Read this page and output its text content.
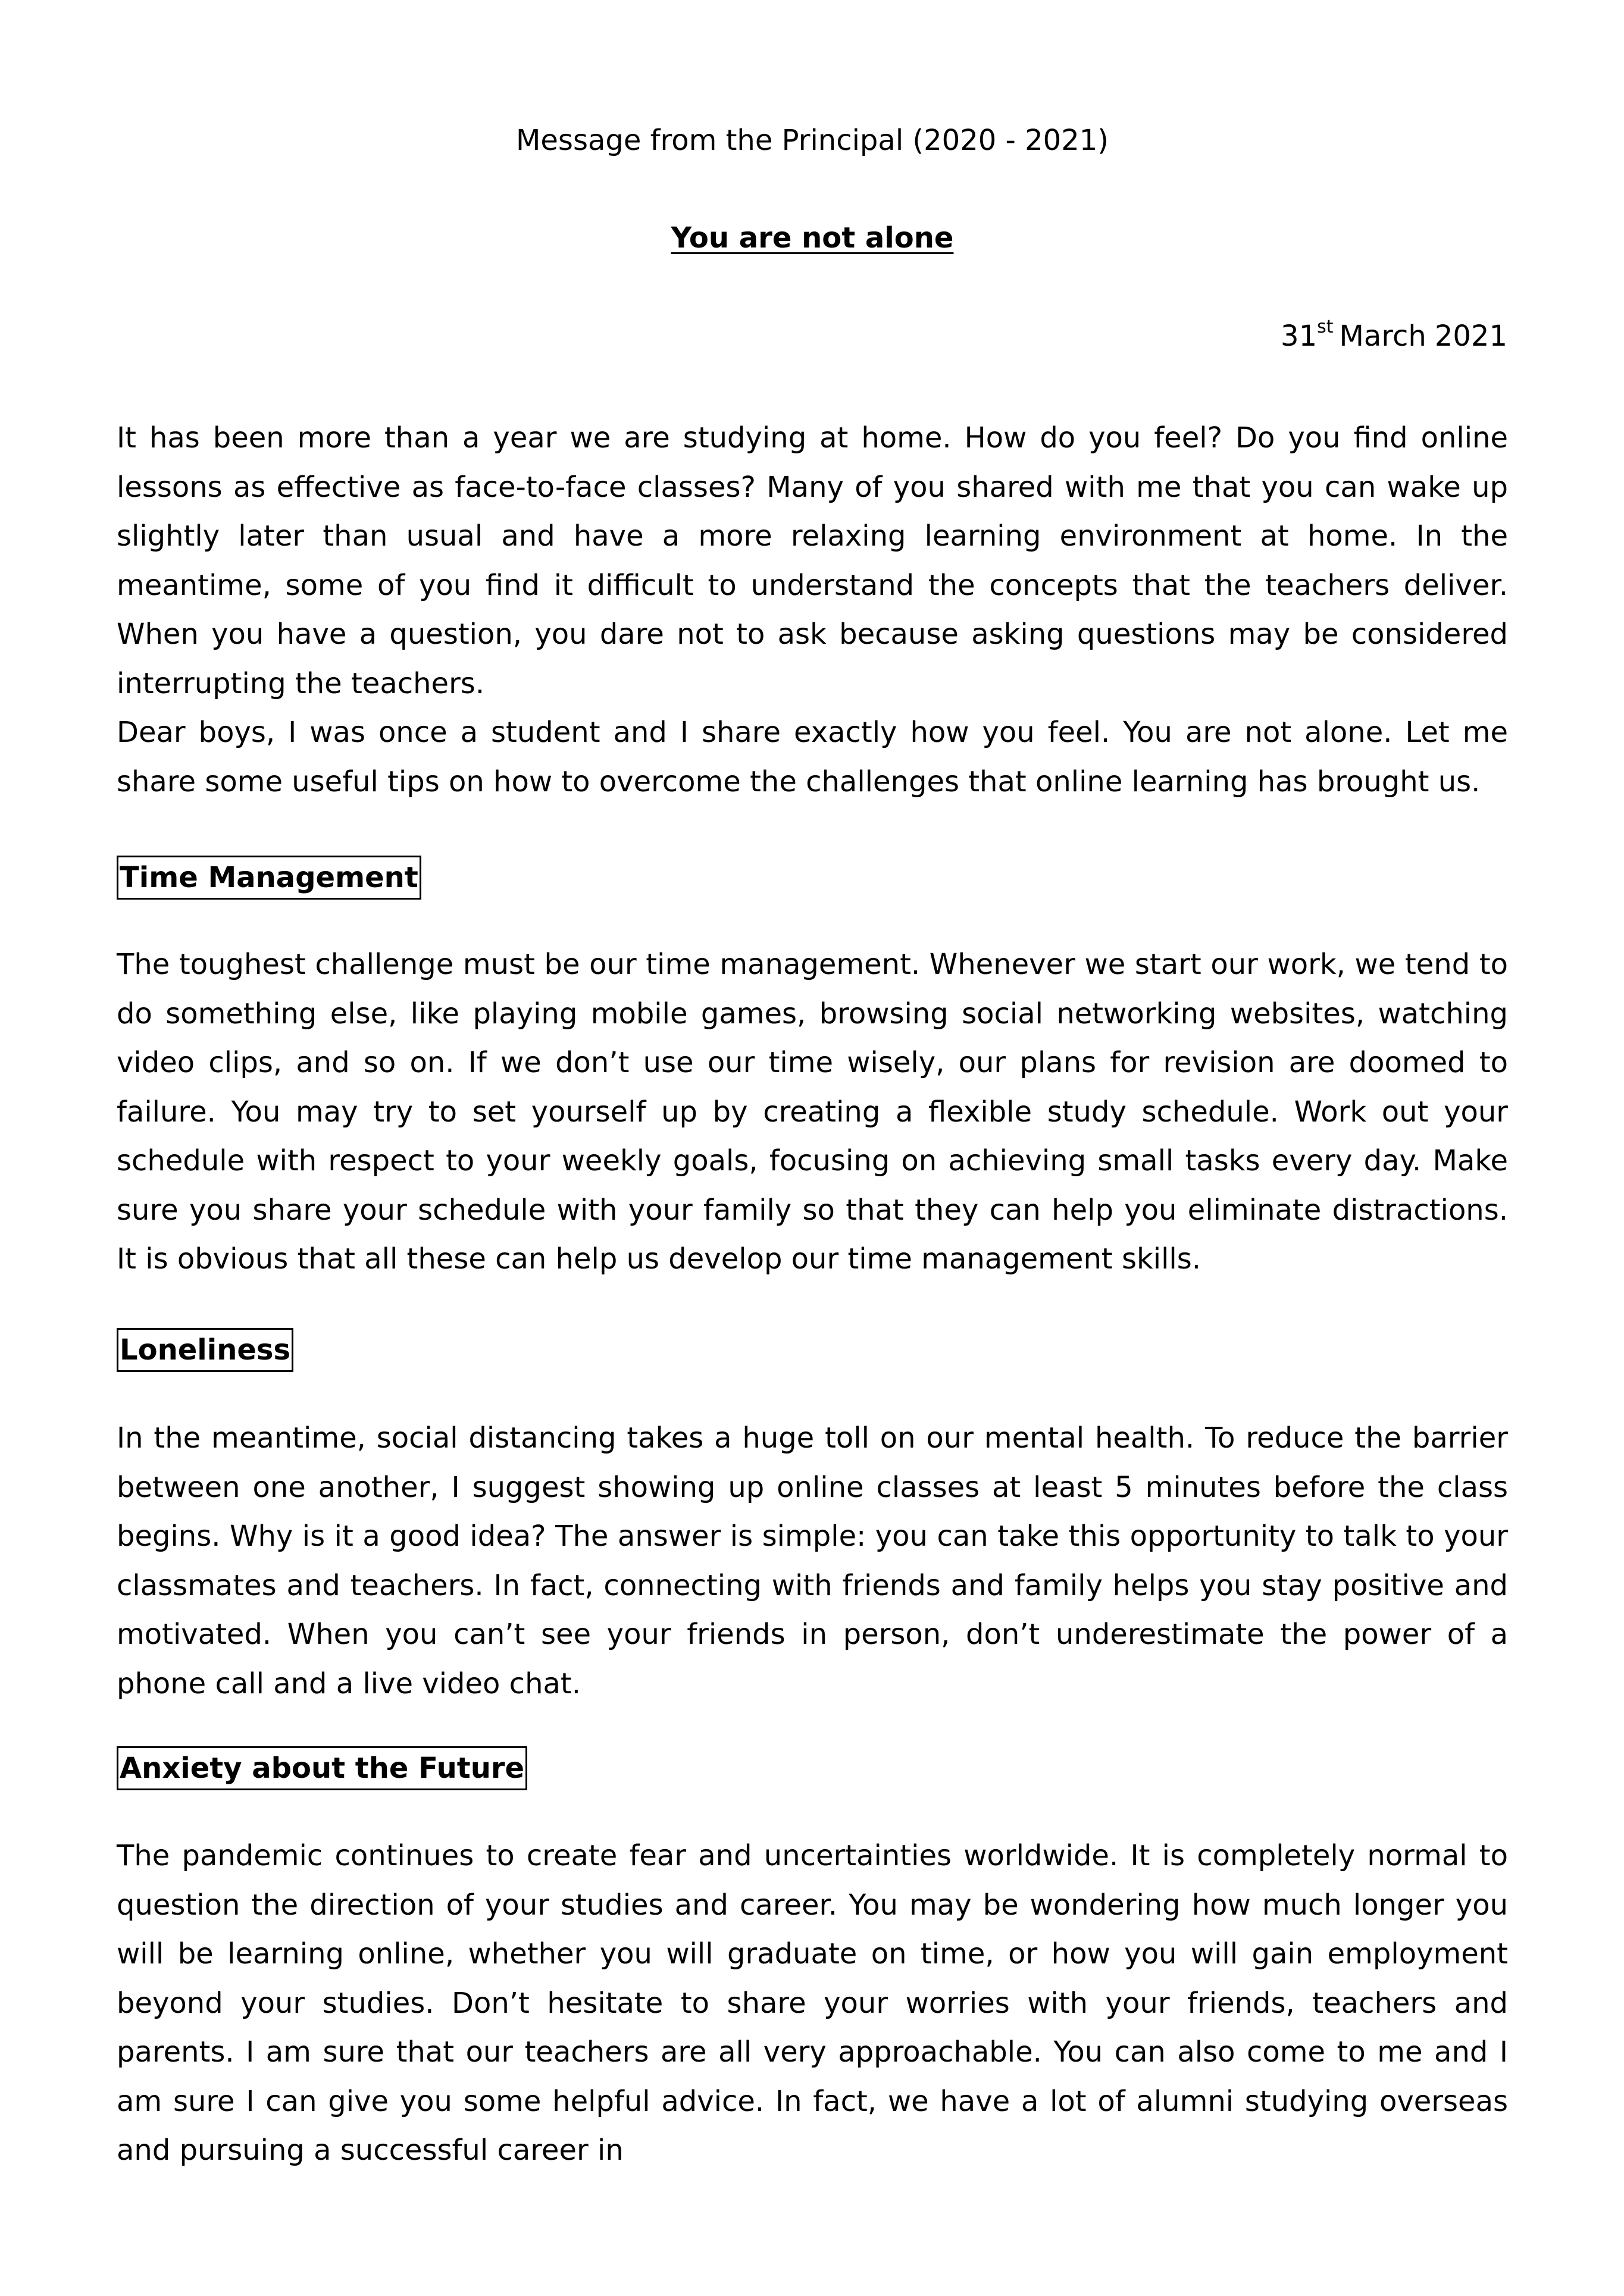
Message from the Principal (2020 - 2021)
You are not alone
31st March 2021

It has been more than a year we are studying at home. How do you feel? Do you find online lessons as effective as face-to-face classes? Many of you shared with me that you can wake up slightly later than usual and have a more relaxing learning environment at home. In the meantime, some of you find it difficult to understand the concepts that the teachers deliver. When you have a question, you dare not to ask because asking questions may be considered interrupting the teachers.

Dear boys, I was once a student and I share exactly how you feel. You are not alone. Let me share some useful tips on how to overcome the challenges that online learning has brought us.

Time Management

The toughest challenge must be our time management. Whenever we start our work, we tend to do something else, like playing mobile games, browsing social networking websites, watching video clips, and so on. If we don’t use our time wisely, our plans for revision are doomed to failure. You may try to set yourself up by creating a flexible study schedule. Work out your schedule with respect to your weekly goals, focusing on achieving small tasks every day. Make sure you share your schedule with your family so that they can help you eliminate distractions. It is obvious that all these can help us develop our time management skills.

Loneliness

In the meantime, social distancing takes a huge toll on our mental health. To reduce the barrier between one another, I suggest showing up online classes at least 5 minutes before the class begins. Why is it a good idea? The answer is simple: you can take this opportunity to talk to your classmates and teachers. In fact, connecting with friends and family helps you stay positive and motivated. When you can’t see your friends in person, don’t underestimate the power of a phone call and a live video chat.

Anxiety about the Future

The pandemic continues to create fear and uncertainties worldwide. It is completely normal to question the direction of your studies and career. You may be wondering how much longer you will be learning online, whether you will graduate on time, or how you will gain employment beyond your studies. Don’t hesitate to share your worries with your friends, teachers and parents. I am sure that our teachers are all very approachable. You can also come to me and I am sure I can give you some helpful advice. In fact, we have a lot of alumni studying overseas and pursuing a successful career in
